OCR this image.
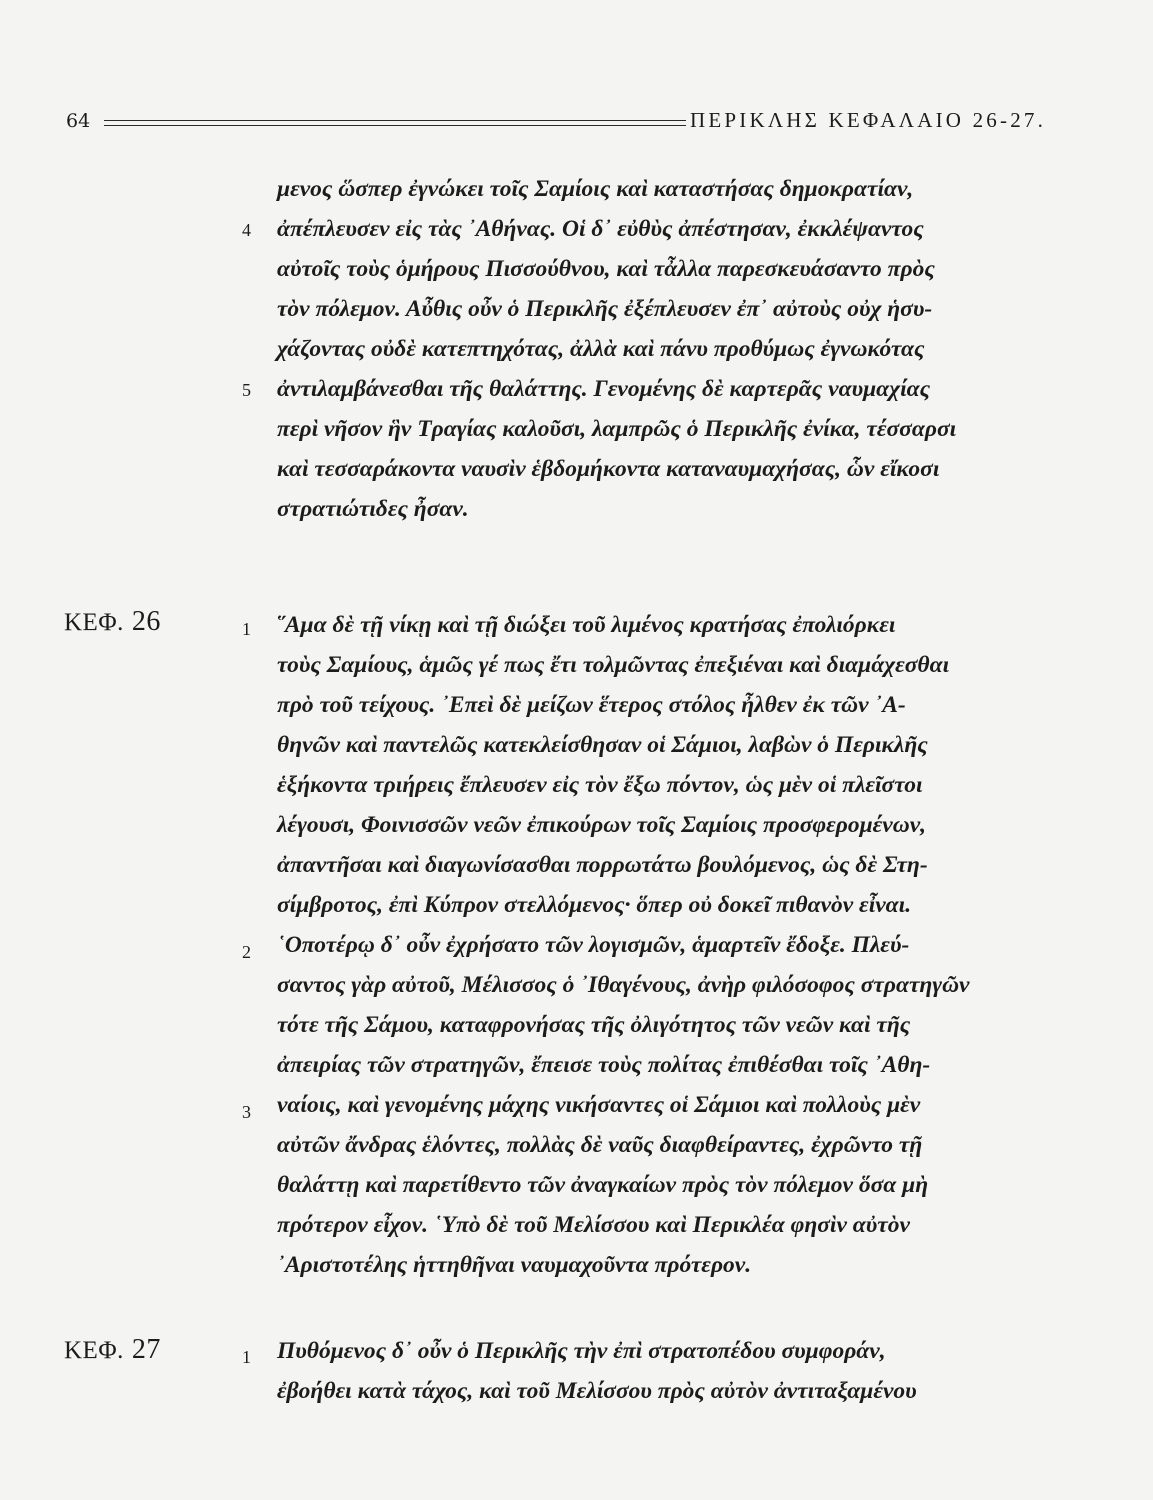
64	ΠΕΡΙΚΛΗΣ ΚΕΦΑΛΑΙΟ 26-27.
μενος ὥσπερ ἐγνώκει τοῖς Σαμίοις καὶ καταστήσας δημοκρατίαν,
4 ἀπέπλευσεν εἰς τὰς ᾿Αθήνας. Οἱ δ᾿ εὐθὺς ἀπέστησαν, ἐκκλέψαντος
αὐτοῖς τοὺς ὁμήρους Πισσούθνου, καὶ τἆλλα παρεσκευάσαντο πρὸς
τὸν πόλεμον. Αὖθις οὖν ὁ Περικλῆς ἐξέπλευσεν ἐπ᾿ αὐτοὺς οὐχ ἡσυ-
χάζοντας οὐδὲ κατεπτηχότας, ἀλλὰ καὶ πάνυ προθύμως ἐγνωκότας
5 ἀντιλαμβάνεσθαι τῆς θαλάττης. Γενομένης δὲ καρτερᾶς ναυμαχίας
περὶ νῆσον ἣν Τραγίας καλοῦσι, λαμπρῶς ὁ Περικλῆς ἐνίκα, τέσσαρσι
καὶ τεσσαράκοντα ναυσὶν ἑβδομήκοντα καταναυμαχήσας, ὧν εἴκοσι
στρατιώτιδες ἦσαν.
ΚΕΦ. 26	1 ῞Αμα δὲ τῇ νίκῃ καὶ τῇ διώξει τοῦ λιμένος κρατήσας ἐπολιόρκει
τοὺς Σαμίους, ἁμῶς γέ πως ἔτι τολμῶντας ἐπεξιέναι καὶ διαμάχεσθαι
πρὸ τοῦ τείχους. ᾿Επεὶ δὲ μείζων ἕτερος στόλος ἦλθεν ἐκ τῶν ᾿Α-
θηνῶν καὶ παντελῶς κατεκλείσθησαν οἱ Σάμιοι, λαβὼν ὁ Περικλῆς
ἑξήκοντα τριήρεις ἔπλευσεν εἰς τὸν ἔξω πόντον, ὡς μὲν οἱ πλεῖστοι
λέγουσι, Φοινισσῶν νεῶν ἐπικούρων τοῖς Σαμίοις προσφερομένων,
ἀπαντῆσαι καὶ διαγωνίσασθαι πορρωτάτω βουλόμενος, ὡς δὲ Στη-
σίμβροτος, ἐπὶ Κύπρον στελλόμενος· ὅπερ οὐ δοκεῖ πιθανὸν εἶναι.
2 ῾Οποτέρῳ δ᾿ οὖν ἐχρήσατο τῶν λογισμῶν, ἁμαρτεῖν ἔδοξε. Πλεύ-
σαντος γὰρ αὐτοῦ, Μέλισσος ὁ ᾿Ιθαγένους, ἀνὴρ φιλόσοφος στρατηγῶν
τότε τῆς Σάμου, καταφρονήσας τῆς ὀλιγότητος τῶν νεῶν καὶ τῆς
ἀπειρίας τῶν στρατηγῶν, ἔπεισε τοὺς πολίτας ἐπιθέσθαι τοῖς ᾿Αθη-
3 ναίοις, καὶ γενομένης μάχης νικήσαντες οἱ Σάμιοι καὶ πολλοὺς μὲν
αὐτῶν ἄνδρας ἑλόντες, πολλὰς δὲ ναῦς διαφθείραντες, ἐχρῶντο τῇ
θαλάττῃ καὶ παρετίθεντο τῶν ἀναγκαίων πρὸς τὸν πόλεμον ὅσα μὴ
πρότερον εἶχον. ῾Υπὸ δὲ τοῦ Μελίσσου καὶ Περικλέα φησὶν αὐτὸν
᾿Αριστοτέλης ἡττηθῆναι ναυμαχοῦντα πρότερον.
ΚΕΦ. 27	1 Πυθόμενος δ᾿ οὖν ὁ Περικλῆς τὴν ἐπὶ στρατοπέδου συμφοράν,
ἐβοήθει κατὰ τάχος, καὶ τοῦ Μελίσσου πρὸς αὐτὸν ἀντιταξαμένου
